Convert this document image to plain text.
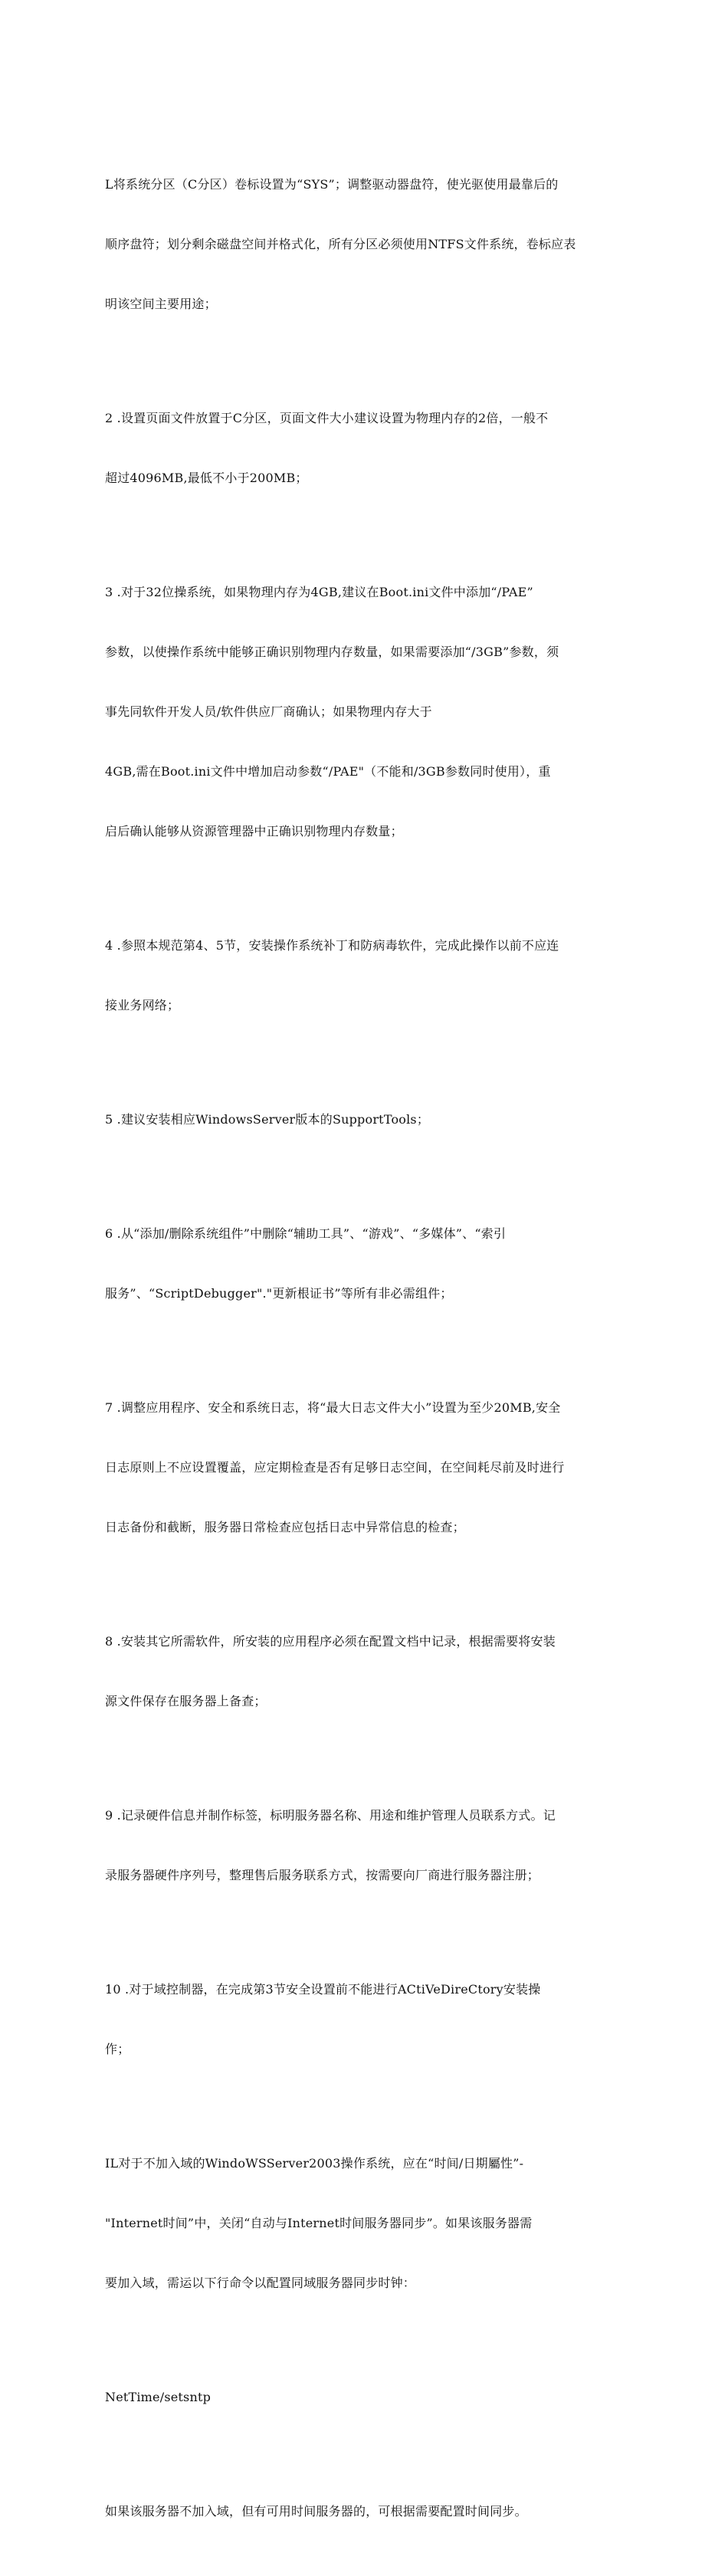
L将系统分区（C分区）卷标设置为“SYS”；调整驱动器盘符，使光驱使用最靠后的

顺序盘符；划分剩余磁盘空间并格式化，所有分区必须使用NTFS文件系统，卷标应表

明该空间主要用途；

2 .设置页面文件放置于C分区，页面文件大小建议设置为物理内存的2倍，一般不

超过4096MB,最低不小于200MB；

3 .对于32位操系统，如果物理内存为4GB,建议在Boot.ini文件中添加“/PAE”

参数，以使操作系统中能够正确识别物理内存数量，如果需要添加“/3GB”参数，须

事先同软件开发人员/软件供应厂商确认；如果物理内存大于

4GB,需在Boot.ini文件中增加启动参数“/PAE"（不能和/3GB参数同时使用），重

启后确认能够从资源管理器中正确识别物理内存数量；

4 .参照本规范第4、5节，安装操作系统补丁和防病毒软件，完成此操作以前不应连

接业务网络；

5 .建议安装相应WindowsServer版本的SupportTools；

6 .从“添加/删除系统组件”中删除“辅助工具”、“游戏”、“多媒体”、“索引

服务”、“ScriptDebugger"."更新根证书”等所有非必需组件；

7 .调整应用程序、安全和系统日志，将“最大日志文件大小”设置为至少20MB,安全

日志原则上不应设置覆盖，应定期检查是否有足够日志空间，在空间耗尽前及时进行

日志备份和截断，服务器日常检查应包括日志中异常信息的检查；

8 .安装其它所需软件，所安装的应用程序必须在配置文档中记录，根据需要将安装

源文件保存在服务器上备查；

9 .记录硬件信息并制作标签，标明服务器名称、用途和维护管理人员联系方式。记

录服务器硬件序列号，整理售后服务联系方式，按需要向厂商进行服务器注册；

10 .对于域控制器，在完成第3节安全设置前不能进行ACtiVeDireCtory安装操

作；

IL对于不加入域的WindoWSServer2003操作系统，应在“时间/日期屬性”-

"Internet时间”中，关闭“自动与Internet时间服务器同步”。如果该服务器需

要加入域，需运以下行命令以配置同域服务器同步时钟：

NetTime/setsntp

如果该服务器不加入域，但有可用时间服务器的，可根据需要配置时间同步。
